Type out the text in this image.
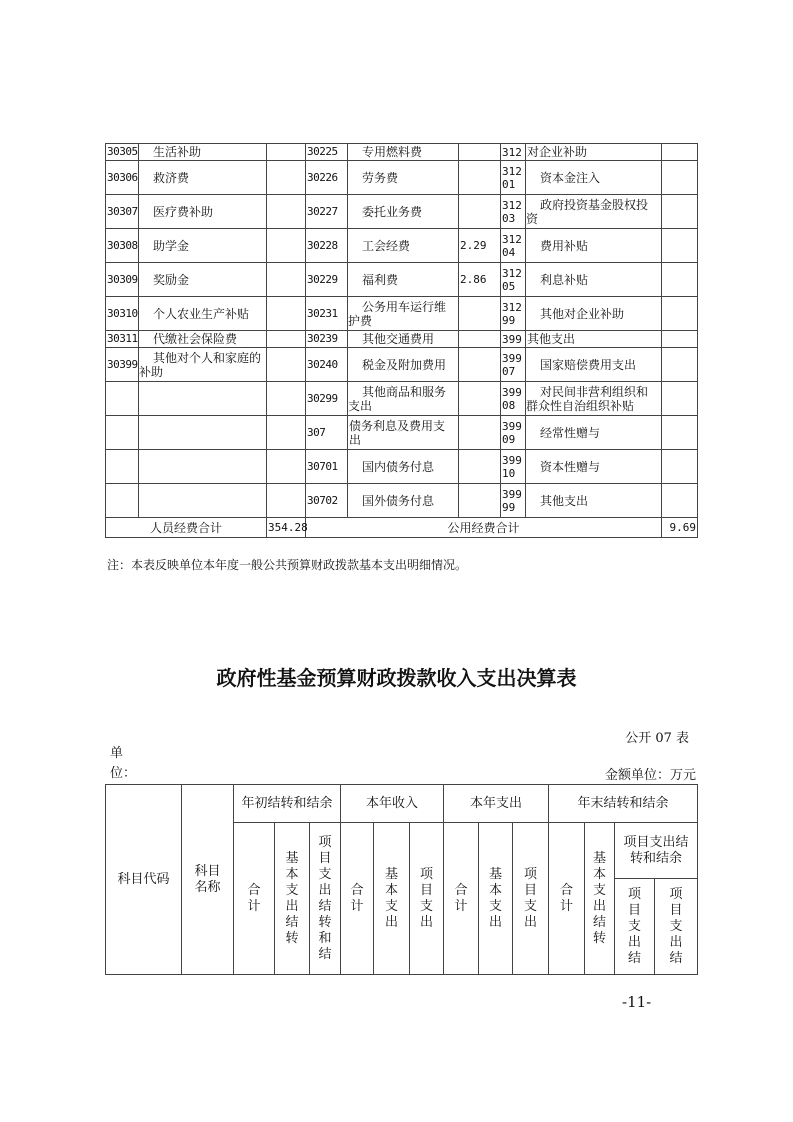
30305	生活补助		30225	专用燃料费		312	对企业补助	
30306	救济费		30226	劳务费		31201	资本金注入	
30307	医疗费补助		30227	委托业务费		31203	政府投资基金股权投资	
30308	助学金		30228	工会经费	2.29	31204	费用补贴	
30309	奖励金		30229	福利费	2.86	31205	利息补贴	
30310	个人农业生产补贴		30231	公务用车运行维护费		31299	其他对企业补助	
30311	代缴社会保险费		30239	其他交通费用		399	其他支出	
30399	其他对个人和家庭的补助		30240	税金及附加费用		39907	国家赔偿费用支出	
			30299	其他商品和服务支出		39908	对民间非营利组织和群众性自治组织补贴	
			307	债务利息及费用支出		39909	经常性赠与	
			30701	国内债务付息		39910	资本性赠与	
			30702	国外债务付息		39999	其他支出	
人员经费合计		354.28	公用经费合计					9.69
注：本表反映单位本年度一般公共预算财政拨款基本支出明细情况。
政府性基金预算财政拨款收入支出决算表
公开 07 表
单位：	金额单位：万元
科目代码	科目名称	年初结转和结余			本年收入			本年支出			年末结转和结余			
		合计	基本支出结转	项目支出结转和结	合计	基本支出	项目支出	合计	基本支出	项目支出	合计	基本支出结转	项目支出结转和结余	
													项目支出结	项目支出结
-11-
